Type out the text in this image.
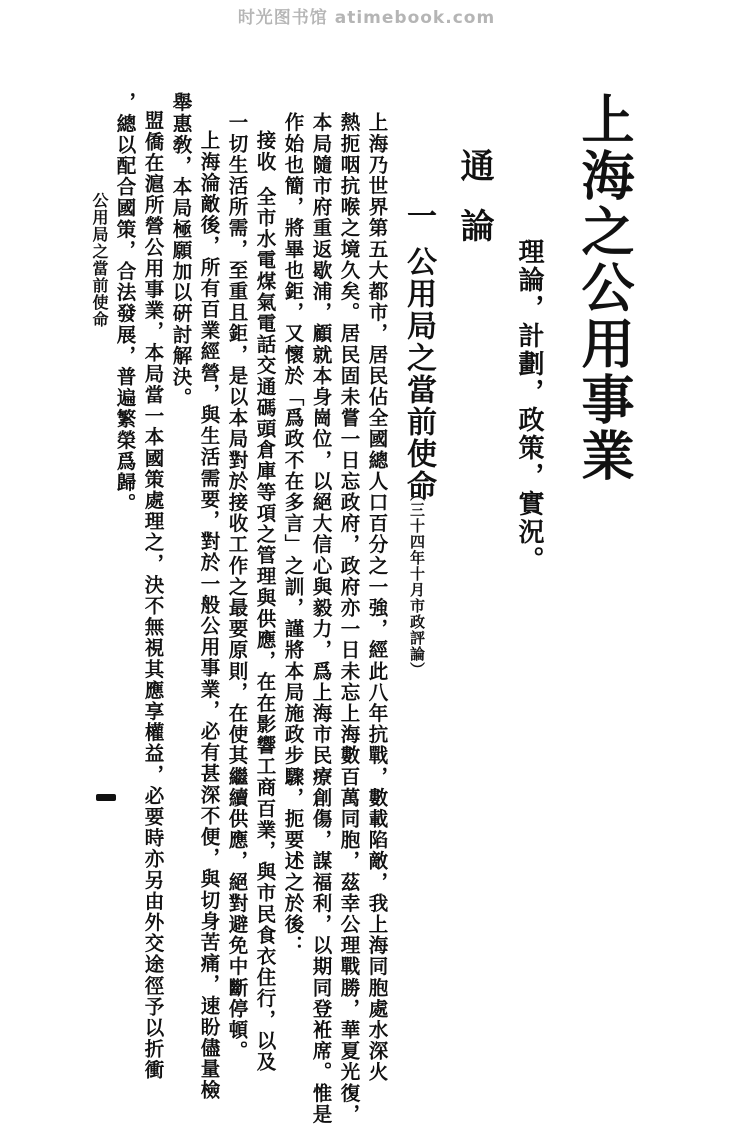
时光图书馆 atimebook.com
上海之公用事業
理論，計劃，政策，實況。
通論
一公用局之當前使命
（三十四年十月市政評論）
上海乃世界第五大都市，居民佔全國總人口百分之一強，經此八年抗戰，數載陷敵，我上海同胞處水深火
熱扼咽抗喉之境久矣。居民固未嘗一日忘政府，政府亦一日未忘上海數百萬同胞，茲幸公理戰勝，華夏光復，
本局隨市府重返歇浦，顧就本身崗位，以絕大信心與毅力，爲上海市民療創傷，謀福利，以期同登袵席。惟是
作始也簡，將畢也鉅，又懷於「爲政不在多言」之訓，謹將本局施政步驟，扼要述之於後：
接收全市水電煤氣電話交通碼頭倉庫等項之管理與供應，在在影響工商百業，與市民食衣住行，以及
一切生活所需，至重且鉅，是以本局對於接收工作之最要原則，在使其繼續供應，絕對避免中斷停頓。
上海淪敵後，所有百業經營，與生活需要，對於一般公用事業，必有甚深不便，與切身苦痛，速盼儘量檢
舉惠敎，本局極願加以硏討解決。
盟僑在滬所營公用事業，本局當一本國策處理之，決不無視其應享權益，必要時亦另由外交途徑予以折衝
，總以配合國策，合法發展，普遍繁榮爲歸。
公用局之當前使命
